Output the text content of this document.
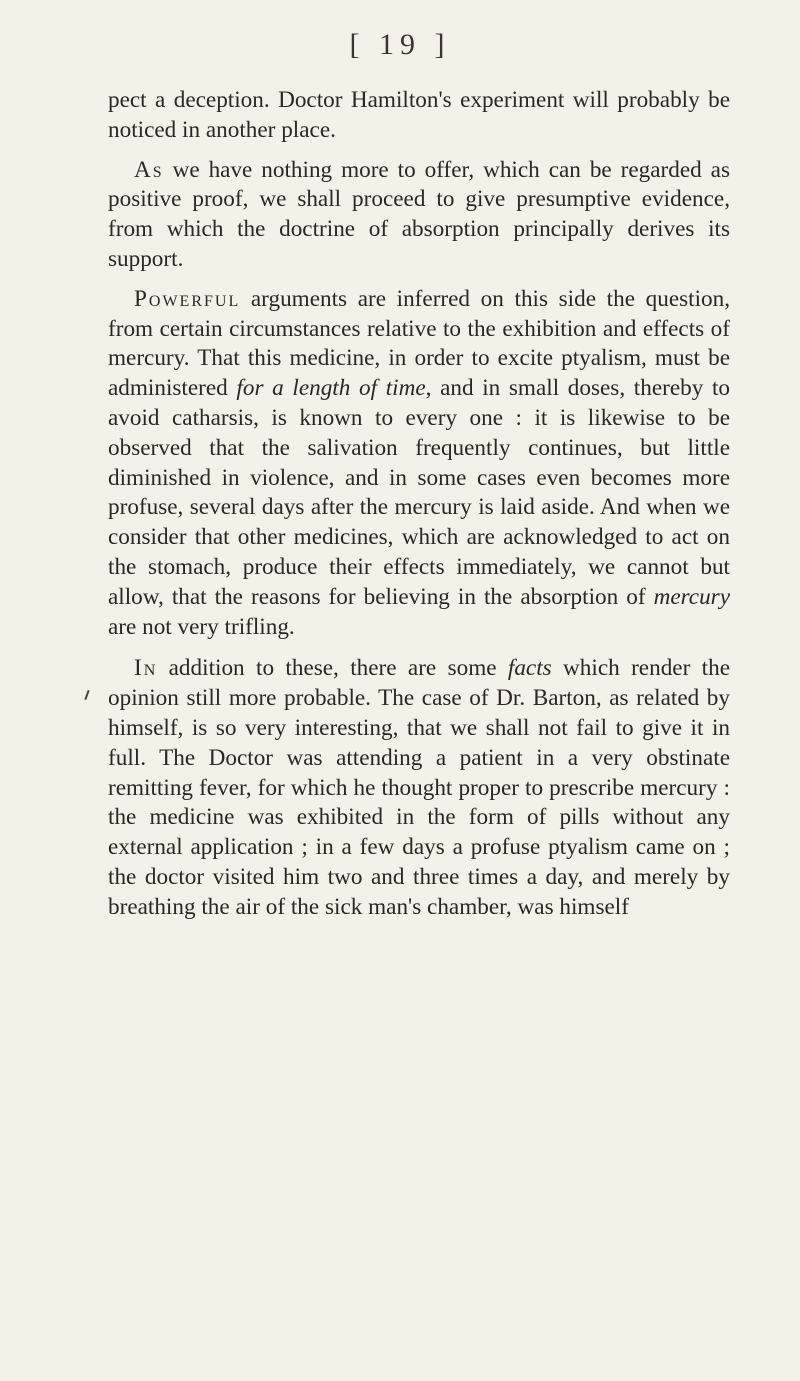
[ 19 ]

pect a deception. Doctor Hamilton's experiment will probably be noticed in another place.

As we have nothing more to offer, which can be regarded as positive proof, we shall proceed to give presumptive evidence, from which the doctrine of absorption principally derives its support.

Powerful arguments are inferred on this side the question, from certain circumstances relative to the exhibition and effects of mercury. That this medicine, in order to excite ptyalism, must be administered for a length of time, and in small doses, thereby to avoid catharsis, is known to every one : it is likewise to be observed that the salivation frequently continues, but little diminished in violence, and in some cases even becomes more profuse, several days after the mercury is laid aside. And when we consider that other medicines, which are acknowledged to act on the stomach, produce their effects immediately, we cannot but allow, that the reasons for believing in the absorption of mercury are not very trifling.

In addition to these, there are some facts which render the opinion still more probable. The case of Dr. Barton, as related by himself, is so very interesting, that we shall not fail to give it in full. The Doctor was attending a patient in a very obstinate remitting fever, for which he thought proper to prescribe mercury : the medicine was exhibited in the form of pills without any external application ; in a few days a profuse ptyalism came on ; the doctor visited him two and three times a day, and merely by breathing the air of the sick man's chamber, was himself
